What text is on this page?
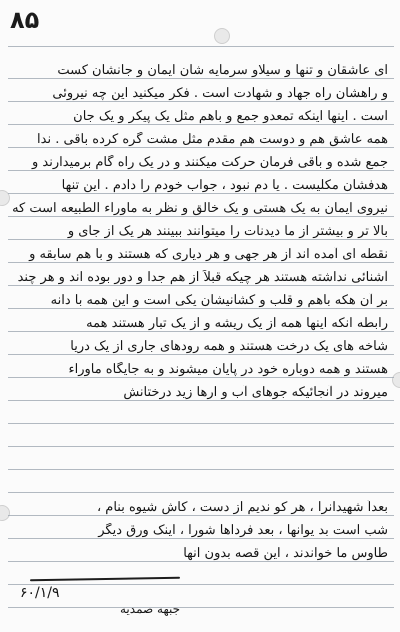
۸۵
ای عاشقان و تنها و سیلاو سرمایه شان ایمان و جانشان کست
و راهشان راه جهاد و شهادت است . فکر میکنید این چه نیروئی
است . اینها اینکه تمعدو جمع و باهم مثل یک پیکر و یک جان
همه عاشق هم و دوست هم مقدم مثل مشت گره کرده باقی . ندا
جمع شده و باقی فرمان حرکت میکنند و در یک راه گام برمیدارند و
هدفشان مکلیست . یا دم نبود ، جواب خودم را دادم . این تنها
نیروی ایمان به یک هستی و یک خالق و نظر به ماوراء الطبیعه است که
بالا تر و بیشتر از ما دیدنات را میتوانند ببینند هر یک از جای و
نقطه ای آمده اند از هر جهی و هر دیاری که هستند و با هم سابقه و
آشنائی نداشته هستند هر چیکه قبلاً از هم جدا و دور بوده اند و هر چند
بر آن هکه باهم و قلب و کشانیشان یکی است و این همه با دانه
رابطه انکه اینها همه از یک ریشه و از یک تبار هستند همه
شاخه های یک درخت هستند و همه رودهای جاری از یک دریا
هستند و همه دوباره خود در پایان میشوند و به جایگاه ماوراء
میروند در آنجائیکه جوهای آب و ارها زید درختانش
بعداً شهیدانرا ، هر کو ندیم از دست ، کاش شیوه بنام ،
شب است بد یوانها ، بعد فرداها شورا ، اینک ورق دیگر
طاوس ما خواندند ، این قصه بدون انها
۶۰/۱/۹
جبهه صمدیه
